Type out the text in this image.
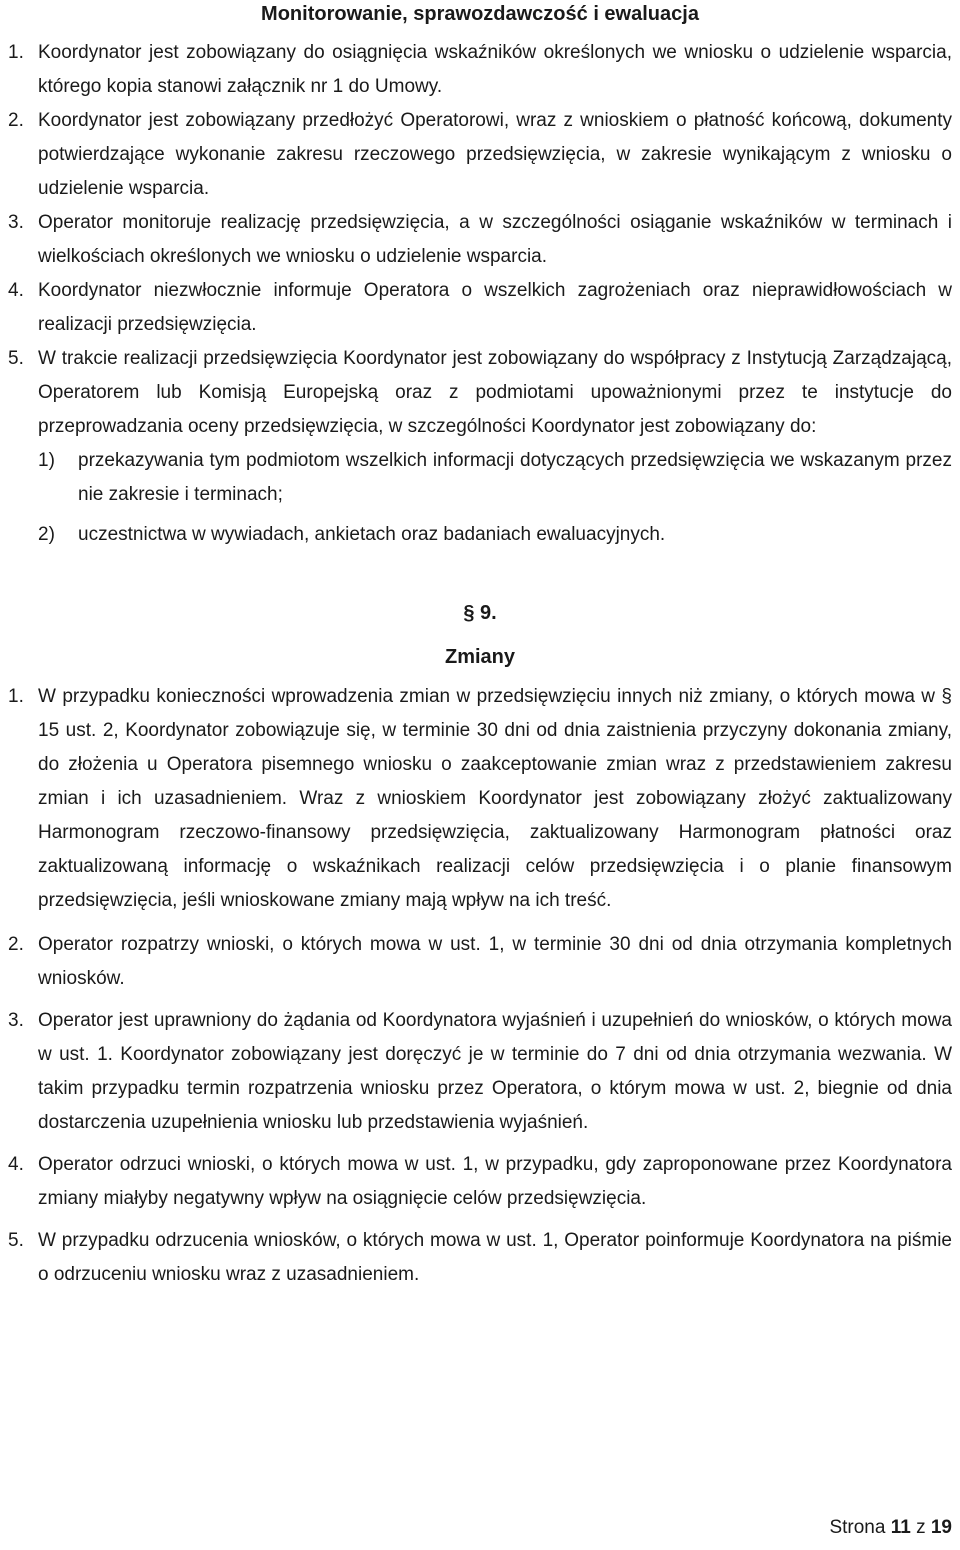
Monitorowanie, sprawozdawczość i ewaluacja
1. Koordynator jest zobowiązany do osiągnięcia wskaźników określonych we wniosku o udzielenie wsparcia, którego kopia stanowi załącznik nr 1 do Umowy.
2. Koordynator jest zobowiązany przedłożyć Operatorowi, wraz z wnioskiem o płatność końcową, dokumenty potwierdzające wykonanie zakresu rzeczowego przedsięwzięcia, w zakresie wynikającym z wniosku o udzielenie wsparcia.
3. Operator monitoruje realizację przedsięwzięcia, a w szczególności osiąganie wskaźników w terminach i wielkościach określonych we wniosku o udzielenie wsparcia.
4. Koordynator niezwłocznie informuje Operatora o wszelkich zagrożeniach oraz nieprawidłowościach w realizacji przedsięwzięcia.
5. W trakcie realizacji przedsięwzięcia Koordynator jest zobowiązany do współpracy z Instytucją Zarządzającą, Operatorem lub Komisją Europejską oraz z podmiotami upoważnionymi przez te instytucje do przeprowadzania oceny przedsięwzięcia, w szczególności Koordynator jest zobowiązany do:
1) przekazywania tym podmiotom wszelkich informacji dotyczących przedsięwzięcia we wskazanym przez nie zakresie i terminach;
2) uczestnictwa w wywiadach, ankietach oraz badaniach ewaluacyjnych.
§ 9.
Zmiany
1. W przypadku konieczności wprowadzenia zmian w przedsięwzięciu innych niż zmiany, o których mowa w § 15 ust. 2, Koordynator zobowiązuje się, w terminie 30 dni od dnia zaistnienia przyczyny dokonania zmiany, do złożenia u Operatora pisemnego wniosku o zaakceptowanie zmian wraz z przedstawieniem zakresu zmian i ich uzasadnieniem. Wraz z wnioskiem Koordynator jest zobowiązany złożyć zaktualizowany Harmonogram rzeczowo-finansowy przedsięwzięcia, zaktualizowany Harmonogram płatności oraz zaktualizowaną informację o wskaźnikach realizacji celów przedsięwzięcia i o planie finansowym przedsięwzięcia, jeśli wnioskowane zmiany mają wpływ na ich treść.
2. Operator rozpatrzy wnioski, o których mowa w ust. 1, w terminie 30 dni od dnia otrzymania kompletnych wniosków.
3. Operator jest uprawniony do żądania od Koordynatora wyjaśnień i uzupełnień do wniosków, o których mowa w ust. 1. Koordynator zobowiązany jest doręczyć je w terminie do 7 dni od dnia otrzymania wezwania. W takim przypadku termin rozpatrzenia wniosku przez Operatora, o którym mowa w ust. 2, biegnie od dnia dostarczenia uzupełnienia wniosku lub przedstawienia wyjaśnień.
4. Operator odrzuci wnioski, o których mowa w ust. 1, w przypadku, gdy zaproponowane przez Koordynatora zmiany miałyby negatywny wpływ na osiągnięcie celów przedsięwzięcia.
5. W przypadku odrzucenia wniosków, o których mowa w ust. 1, Operator poinformuje Koordynatora na piśmie o odrzuceniu wniosku wraz z uzasadnieniem.
Strona 11 z 19
